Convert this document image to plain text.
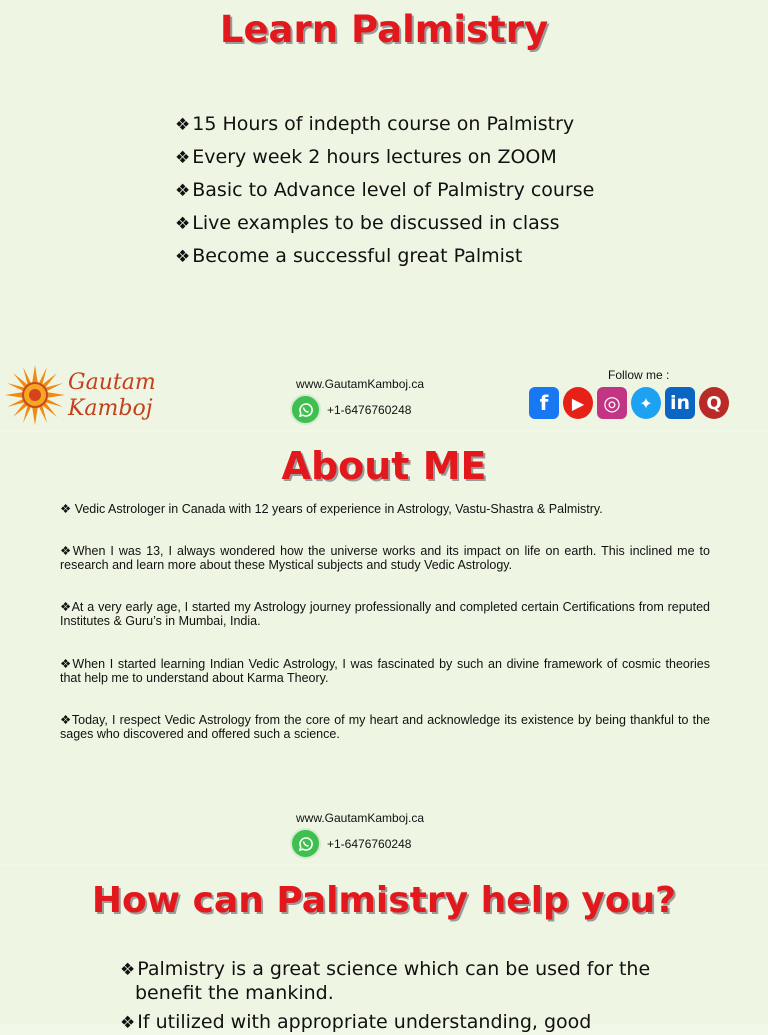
Learn Palmistry
❖ 15 Hours of indepth course on Palmistry
❖ Every week 2 hours lectures on ZOOM
❖ Basic to Advance level of Palmistry course
❖ Live examples to be discussed in class
❖ Become a successful great Palmist
Gautam
Kamboj
www.GautamKamboj.ca
+1-6476760248
Follow me :
f	▶ ◎	✦ in Q
About ME
❖ Vedic Astrologer in Canada with 12 years of experience in Astrology, Vastu-Shastra & Palmistry.
❖When I was 13, I always wondered how the universe works and its impact on life on earth. This inclined me to research and learn more about these Mystical subjects and study Vedic Astrology.
❖At a very early age, I started my Astrology journey professionally and completed certain Certifications from reputed Institutes & Guru’s in Mumbai, India.
❖When I started learning Indian Vedic Astrology, I was fascinated by such an divine framework of cosmic theories that help me to understand about Karma Theory.
❖Today, I respect Vedic Astrology from the core of my heart and acknowledge its existence by being thankful to the sages who discovered and offered such a science.
www.GautamKamboj.ca
+1-6476760248
How can Palmistry help you?
❖ Palmistry is a great science which can be used for the
benefit the mankind.
❖ If utilized with appropriate understanding, good
